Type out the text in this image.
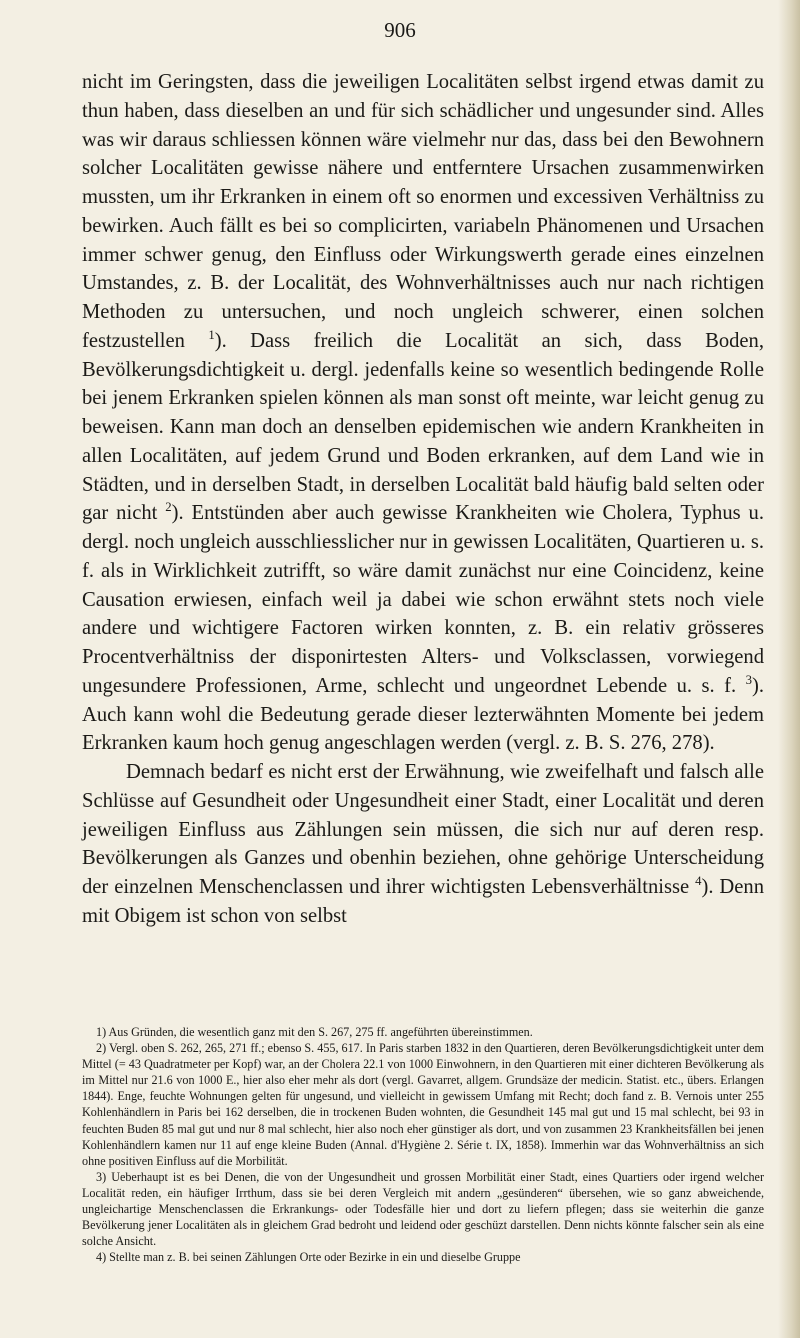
906

nicht im Geringsten, dass die jeweiligen Localitäten selbst irgend etwas damit zu thun haben, dass dieselben an und für sich schädlicher und ungesunder sind. Alles was wir daraus schliessen können wäre vielmehr nur das, dass bei den Bewohnern solcher Localitäten gewisse nähere und entferntere Ursachen zusammenwirken mussten, um ihr Erkranken in einem oft so enormen und excessiven Verhältniss zu bewirken. Auch fällt es bei so complicirten, variabeln Phänomenen und Ursachen immer schwer genug, den Einfluss oder Wirkungswerth gerade eines einzelnen Umstandes, z. B. der Localität, des Wohnverhältnisses auch nur nach richtigen Methoden zu untersuchen, und noch ungleich schwerer, einen solchen festzustellen $^1$). Dass freilich die Localität an sich, dass Boden, Bevölkerungsdichtigkeit u. dergl. jedenfalls keine so wesentlich bedingende Rolle bei jenem Erkranken spielen können als man sonst oft meinte, war leicht genug zu beweisen. Kann man doch an denselben epidemischen wie andern Krankheiten in allen Localitäten, auf jedem Grund und Boden erkranken, auf dem Land wie in Städten, und in derselben Stadt, in derselben Localität bald häufig bald selten oder gar nicht $^2$). Entstünden aber auch gewisse Krankheiten wie Cholera, Typhus u. dergl. noch ungleich ausschliesslicher nur in gewissen Localitäten, Quartieren u. s. f. als in Wirklichkeit zutrifft, so wäre damit zunächst nur eine Coincidenz, keine Causation erwiesen, einfach weil ja dabei wie schon erwähnt stets noch viele andere und wichtigere Factoren wirken konnten, z. B. ein relativ grösseres Procentverhältniss der disponirtesten Alters- und Volksclassen, vorwiegend ungesundere Professionen, Arme, schlecht und ungeordnet Lebende u. s. f. $^3$). Auch kann wohl die Bedeutung gerade dieser lezterwähnten Momente bei jedem Erkranken kaum hoch genug angeschlagen werden (vergl. z. B. S. 276, 278).

Demnach bedarf es nicht erst der Erwähnung, wie zweifelhaft und falsch alle Schlüsse auf Gesundheit oder Ungesundheit einer Stadt, einer Localität und deren jeweiligen Einfluss aus Zählungen sein müssen, die sich nur auf deren resp. Bevölkerungen als Ganzes und obenhin beziehen, ohne gehörige Unterscheidung der einzelnen Menschenclassen und ihrer wichtigsten Lebensverhältnisse $^4$). Denn mit Obigem ist schon von selbst

1) Aus Gründen, die wesentlich ganz mit den S. 267, 275 ff. angeführten übereinstimmen.

2) Vergl. oben S. 262, 265, 271 ff.; ebenso S. 455, 617. In Paris starben 1832 in den Quartieren, deren Bevölkerungsdichtigkeit unter dem Mittel (= 43 Quadratmeter per Kopf) war, an der Cholera 22.1 von 1000 Einwohnern, in den Quartieren mit einer dichteren Bevölkerung als im Mittel nur 21.6 von 1000 E., hier also eher mehr als dort (vergl. Gavarret, allgem. Grundsäze der medicin. Statist. etc., übers. Erlangen 1844). Enge, feuchte Wohnungen gelten für ungesund, und vielleicht in gewissem Umfang mit Recht; doch fand z. B. Vernois unter 255 Kohlenhändlern in Paris bei 162 derselben, die in trockenen Buden wohnten, die Gesundheit 145 mal gut und 15 mal schlecht, bei 93 in feuchten Buden 85 mal gut und nur 8 mal schlecht, hier also noch eher günstiger als dort, und von zusammen 23 Krankheitsfällen bei jenen Kohlenhändlern kamen nur 11 auf enge kleine Buden (Annal. d'Hygiène 2. Série t. IX, 1858). Immerhin war das Wohnverhältniss an sich ohne positiven Einfluss auf die Morbilität.

3) Ueberhaupt ist es bei Denen, die von der Ungesundheit und grossen Morbilität einer Stadt, eines Quartiers oder irgend welcher Localität reden, ein häufiger Irrthum, dass sie bei deren Vergleich mit andern „gesünderen“ übersehen, wie so ganz abweichende, ungleichartige Menschenclassen die Erkrankungs- oder Todesfälle hier und dort zu liefern pflegen; dass sie weiterhin die ganze Bevölkerung jener Localitäten als in gleichem Grad bedroht und leidend oder geschüzt darstellen. Denn nichts könnte falscher sein als eine solche Ansicht.

4) Stellte man z. B. bei seinen Zählungen Orte oder Bezirke in ein und dieselbe Gruppe
